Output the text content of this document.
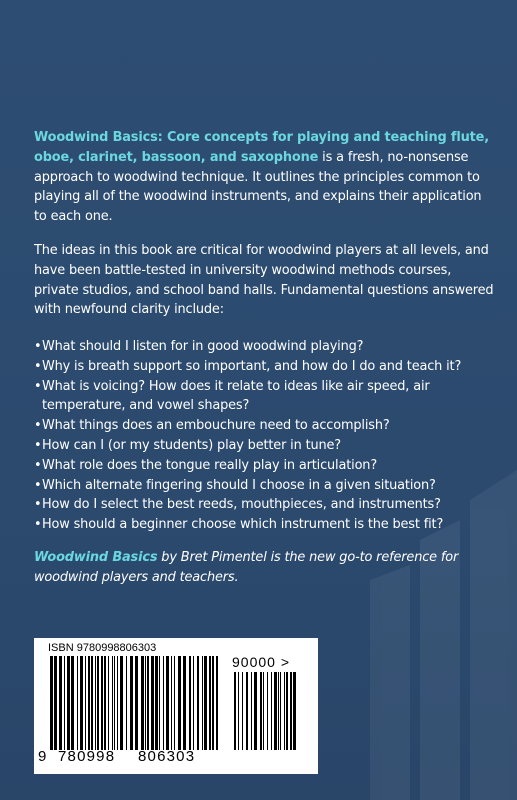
Woodwind Basics: Core concepts for playing and teaching flute, oboe, clarinet, bassoon, and saxophone is a fresh, no-nonsense approach to woodwind technique. It outlines the principles common to playing all of the woodwind instruments, and explains their application to each one.
The ideas in this book are critical for woodwind players at all levels, and have been battle-tested in university woodwind methods courses, private studios, and school band halls. Fundamental questions answered with newfound clarity include:
• What should I listen for in good woodwind playing?
• Why is breath support so important, and how do I do and teach it?
• What is voicing? How does it relate to ideas like air speed, air temperature, and vowel shapes?
• What things does an embouchure need to accomplish?
• How can I (or my students) play better in tune?
• What role does the tongue really play in articulation?
• Which alternate fingering should I choose in a given situation?
• How do I select the best reeds, mouthpieces, and instruments?
• How should a beginner choose which instrument is the best fit?
Woodwind Basics by Bret Pimentel is the new go-to reference for woodwind players and teachers.
ISBN 9780998806303
90000 >
9 780998 806303
